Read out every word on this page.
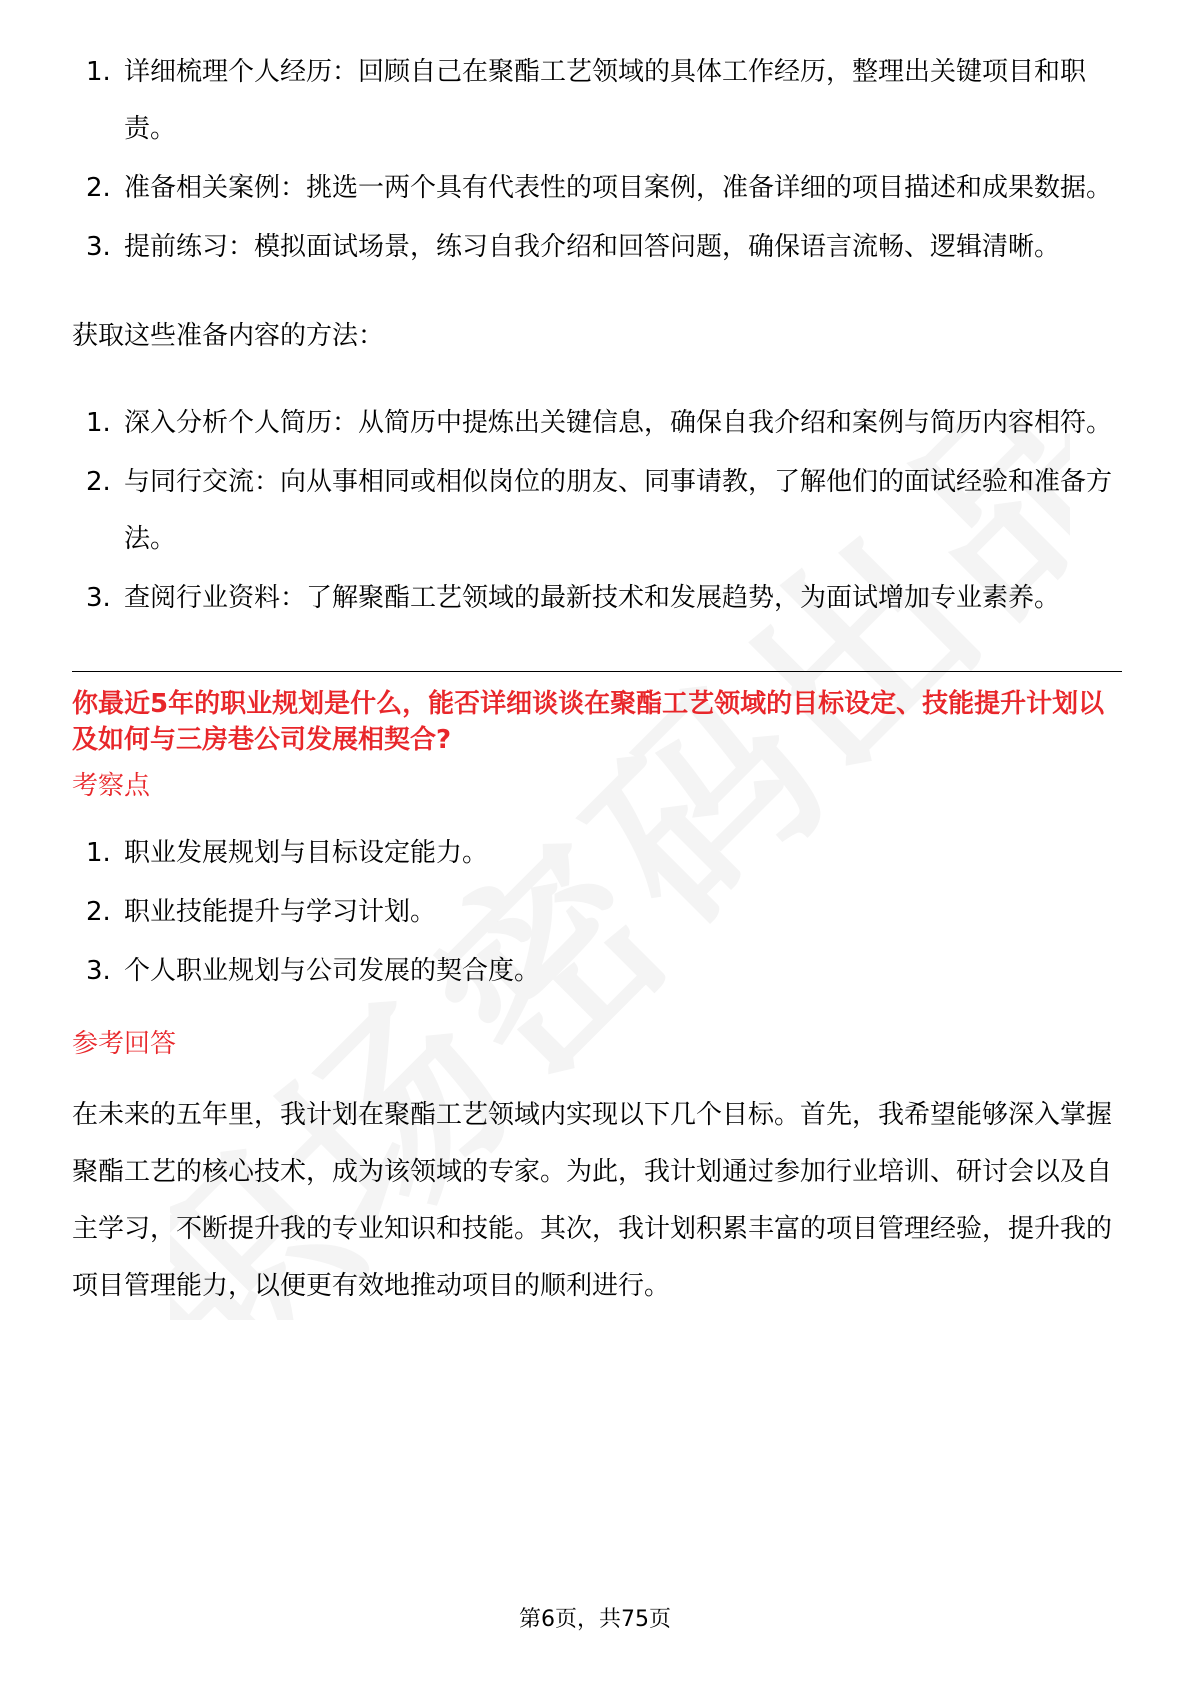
1. 详细梳理个人经历：回顾自己在聚酯工艺领域的具体工作经历，整理出关键项目和职责。
2. 准备相关案例：挑选一两个具有代表性的项目案例，准备详细的项目描述和成果数据。
3. 提前练习：模拟面试场景，练习自我介绍和回答问题，确保语言流畅、逻辑清晰。

获取这些准备内容的方法：

1. 深入分析个人简历：从简历中提炼出关键信息，确保自我介绍和案例与简历内容相符。
2. 与同行交流：向从事相同或相似岗位的朋友、同事请教，了解他们的面试经验和准备方法。
3. 查阅行业资料：了解聚酯工艺领域的最新技术和发展趋势，为面试增加专业素养。

你最近5年的职业规划是什么，能否详细谈谈在聚酯工艺领域的目标设定、技能提升计划以及如何与三房巷公司发展相契合?

考察点

1. 职业发展规划与目标设定能力。
2. 职业技能提升与学习计划。
3. 个人职业规划与公司发展的契合度。

参考回答

在未来的五年里，我计划在聚酯工艺领域内实现以下几个目标。首先，我希望能够深入掌握聚酯工艺的核心技术，成为该领域的专家。为此，我计划通过参加行业培训、研讨会以及自主学习，不断提升我的专业知识和技能。其次，我计划积累丰富的项目管理经验，提升我的项目管理能力，以便更有效地推动项目的顺利进行。

第6页，共75页
